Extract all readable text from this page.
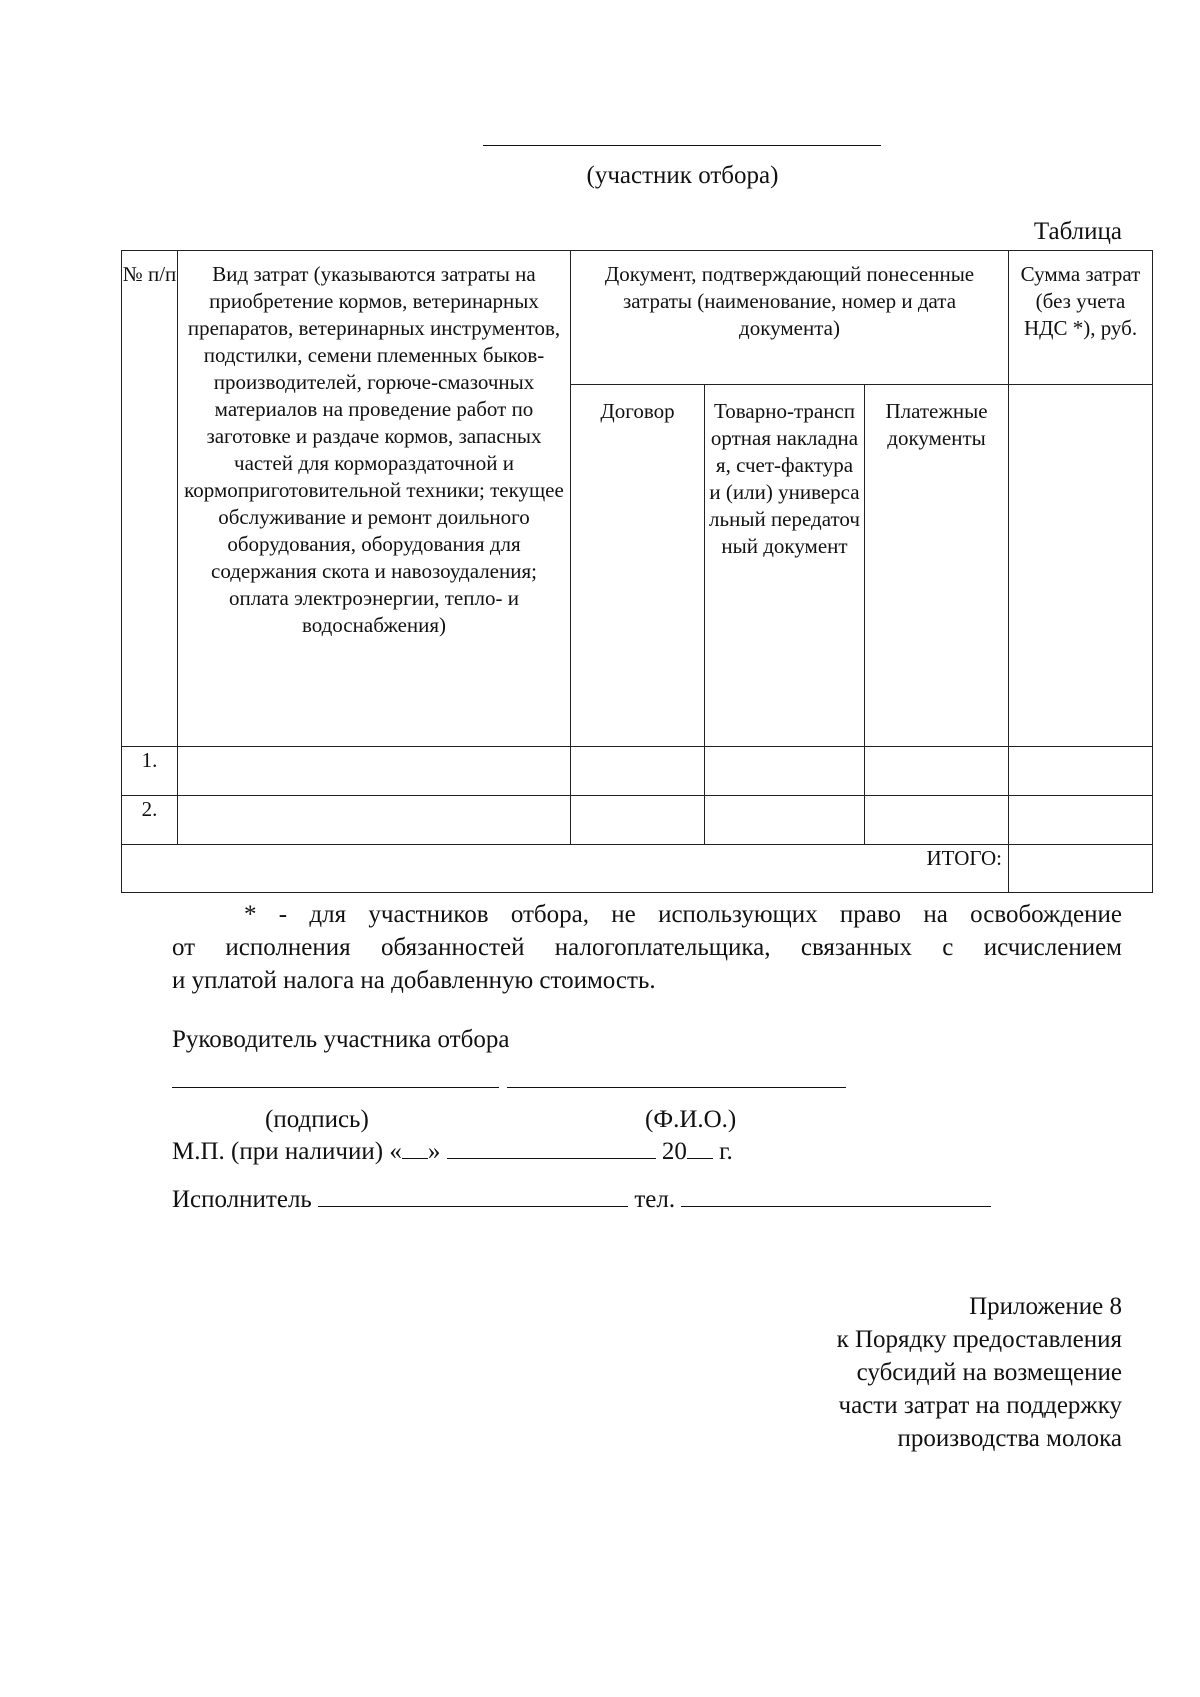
(участник отбора)
Таблица
№ п/п	Вид затрат (указываются затраты на приобретение кормов, ветеринарных препаратов, ветеринарных инструментов, подстилки, семени племенных быков-производителей, горюче-смазочных материалов на проведение работ по заготовке и раздаче кормов, запасных частей для кормораздаточной и кормоприготовительной техники; текущее обслуживание и ремонт доильного оборудования, оборудования для содержания скота и навозоудаления; оплата электроэнергии, тепло- и водоснабжения)	Документ, подтверждающий понесенные затраты (наименование, номер и дата документа)			Сумма затрат (без учета НДС *), руб.

		Договор	Товарно-транспортная накладная, счет-фактура и (или) универсальный передаточный документ	Платежные документы	
1.					
2.					
ИТОГО:					
* - для участников отбора, не использующих право на освобождение
от исполнения обязанностей налогоплательщика, связанных с исчислением
и уплатой налога на добавленную стоимость.
Руководитель участника отбора
(подпись)	(Ф.И.О.)
М.П. (при наличии) « »	20 г.
Исполнитель	тел.
Приложение 8
к Порядку предоставления
субсидий на возмещение
части затрат на поддержку
производства молока
